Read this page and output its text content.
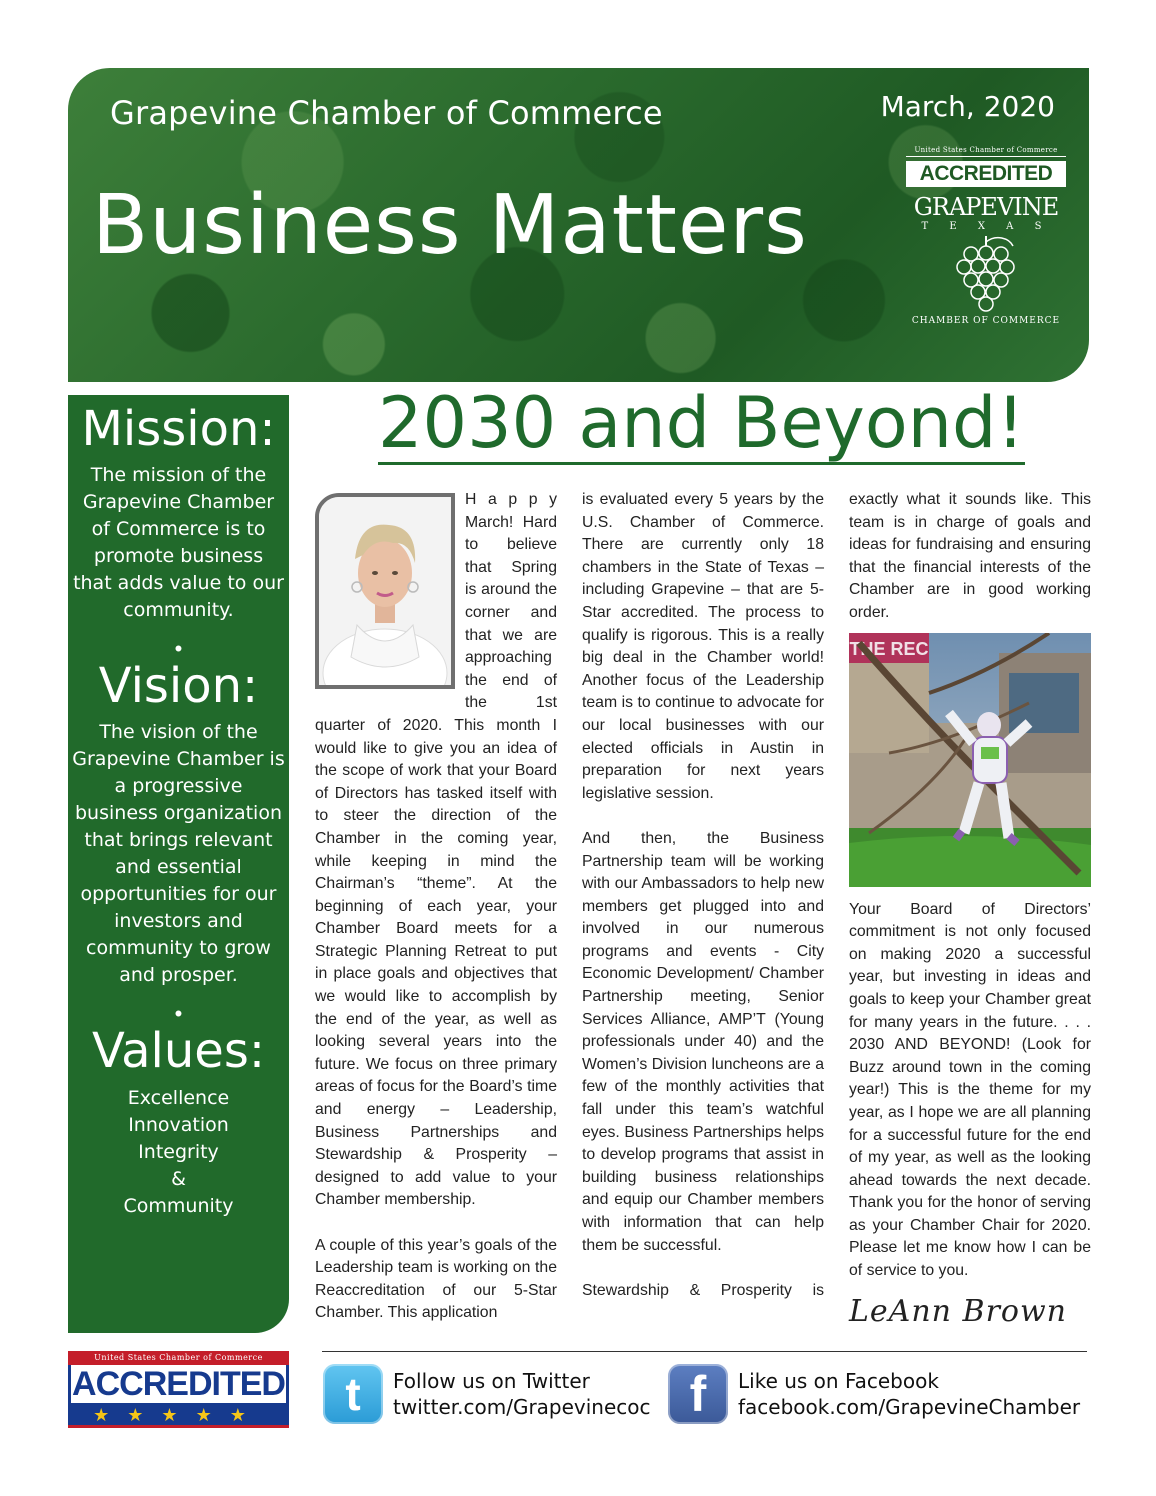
Grapevine Chamber of Commerce	March, 2020
Business Matters
United States Chamber of Commerce
ACCREDITED
GRAPEVINE
T E X A S
CHAMBER OF COMMERCE
Mission:
The mission of the Grapevine Chamber of Commerce is to promote business that adds value to our community.
•
Vision:
The vision of the Grapevine Chamber is a progressive business organization that brings relevant and essential opportunities for our investors and community to grow and prosper.
•
Values:
Excellence
Innovation
Integrity
&
Community
2030 and Beyond!

H a p p y March! Hard to believe that Spring is around the corner and that we are approaching the end of the 1st quarter of 2020. This month I would like to give you an idea of the scope of work that your Board of Directors has tasked itself with to steer the direction of the Chamber in the coming year, while keeping in mind the Chairman’s “theme”. At the beginning of each year, your Chamber Board meets for a Strategic Planning Retreat to put in place goals and objectives that we would like to accomplish by the end of the year, as well as looking several years into the future. We focus on three primary areas of focus for the Board’s time and energy – Leadership, Business Partnerships and Stewardship & Prosperity – designed to add value to your Chamber membership.

A couple of this year’s goals of the Leadership team is working on the Reaccreditation of our 5-Star Chamber. This application

is evaluated every 5 years by the U.S. Chamber of Commerce. There are currently only 18 chambers in the State of Texas – including Grapevine – that are 5-Star accredited. The process to qualify is rigorous. This is a really big deal in the Chamber world! Another focus of the Leadership team is to continue to advocate for our local businesses with our elected officials in Austin in preparation for next years legislative session.

And then, the Business Partnership team will be working with our Ambassadors to help new members get plugged into and involved in our numerous programs and events - City Economic Development/ Chamber Partnership meeting, Senior Services Alliance, AMP’T (Young professionals under 40) and the Women’s Division luncheons are a few of the monthly activities that fall under this team’s watchful eyes. Business Partnerships helps to develop programs that assist in building business relationships and equip our Chamber members with information that can help them be successful.

Stewardship & Prosperity is

exactly what it sounds like. This team is in charge of goals and ideas for fundraising and ensuring that the financial interests of the Chamber are in good working order.

THE REC

Your Board of Directors’ commitment is not only focused on making 2020 a successful year, but investing in ideas and goals to keep your Chamber great for many years in the future. . . . 2030 AND BEYOND! (Look for Buzz around town in the coming year!) This is the theme for my year, as I hope we are all planning for a successful future for the end of my year, as well as the looking ahead towards the next decade. Thank you for the honor of serving as your Chamber Chair for 2020. Please let me know how I can be of service to you.

LeAnn Brown
United States Chamber of Commerce
ACCREDITED
★★★★★	t	Follow us on Twitter
twitter.com/Grapevinecoc f	Like us on Facebook
facebook.com/GrapevineChamber
